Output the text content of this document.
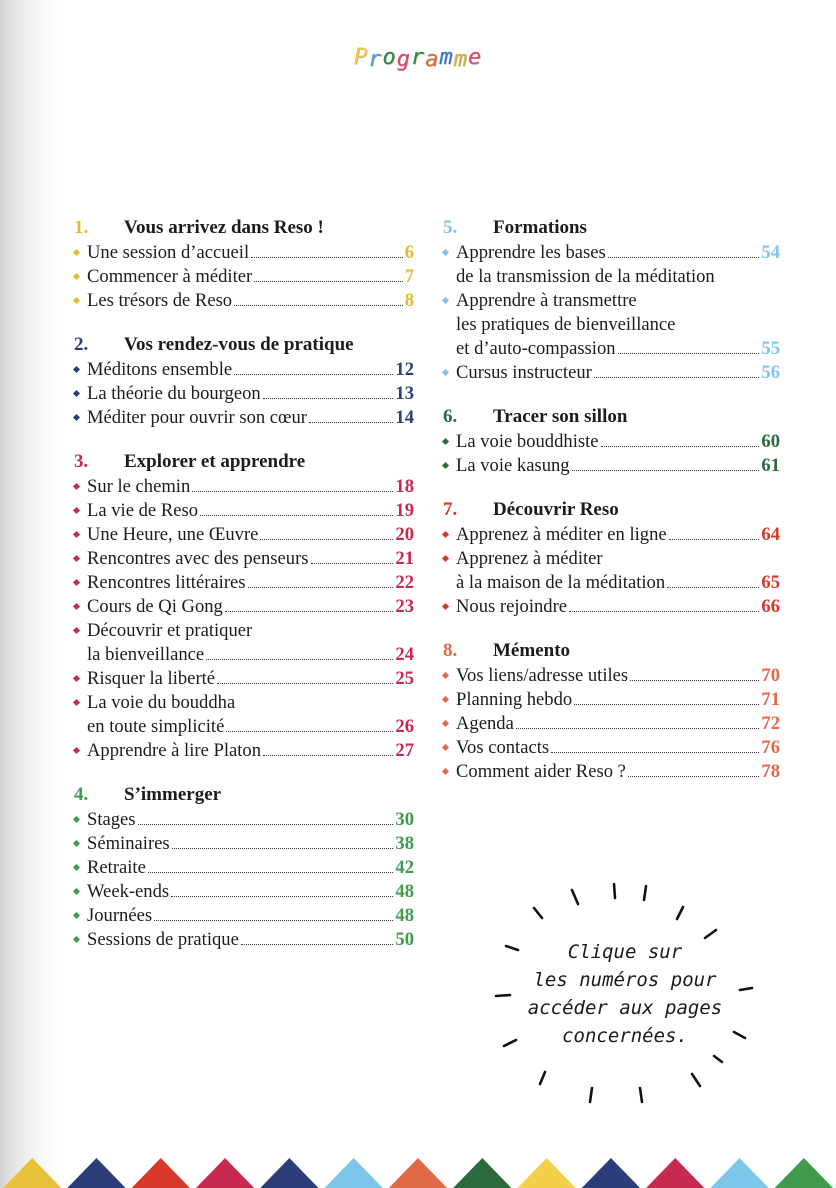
Programme
1.	Vous arrivez dans Reso !
Une session d’accueil	6
Commencer à méditer	7
Les trésors de Reso	8
2.	Vos rendez-vous de pratique
Méditons ensemble	12
La théorie du bourgeon	13
Méditer pour ouvrir son cœur	14
3.	Explorer et apprendre
Sur le chemin	18
La vie de Reso	19
Une Heure, une Œuvre	20
Rencontres avec des penseurs	21
Rencontres littéraires	22
Cours de Qi Gong	23
Découvrir et pratiquer
la bienveillance	24
Risquer la liberté	25
La voie du bouddha
en toute simplicité	26
Apprendre à lire Platon	27
4.	S’immerger
Stages	30
Séminaires	38
Retraite	42
Week-ends	48
Journées	48
Sessions de pratique	50
5.	Formations
Apprendre les bases	54
de la transmission de la méditation
Apprendre à transmettre
les pratiques de bienveillance
et d’auto-compassion	55
Cursus instructeur	56
6.	Tracer son sillon
La voie bouddhiste	60
La voie kasung	61
7.	Découvrir Reso
Apprenez à méditer en ligne	64
Apprenez à méditer
à la maison de la méditation	65
Nous rejoindre	66
8.	Mémento
Vos liens/adresse utiles	70
Planning hebdo	71
Agenda	72
Vos contacts	76
Comment aider Reso ?	78
Clique sur
les numéros pour
accéder aux pages
concernées.
